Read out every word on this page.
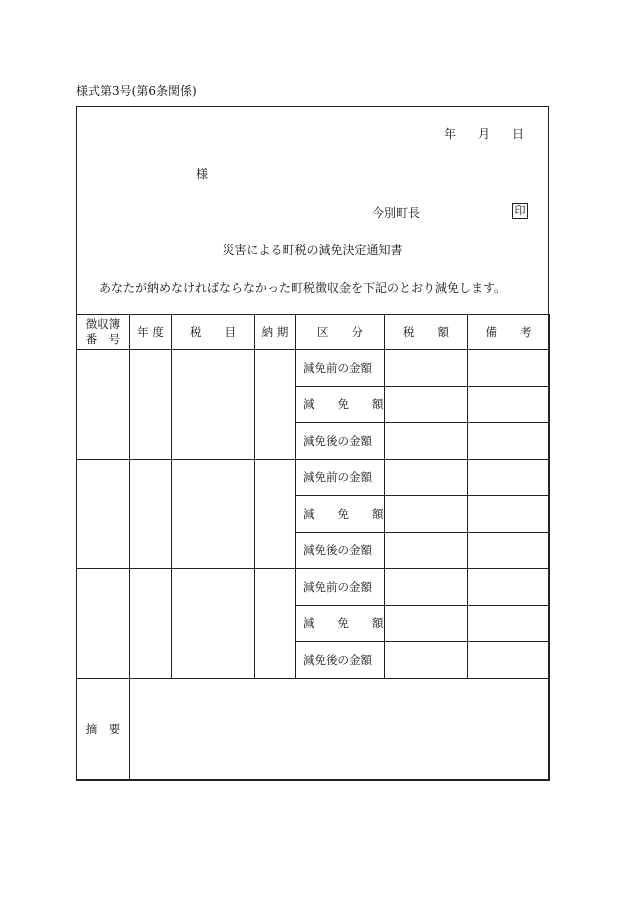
様式第3号(第6条関係)
年 月 日
様
今別町長	印
災害による町税の減免決定通知書
あなたが納めなければならなかった町税徴収金を下記のとおり減免します。
徴収簿
番　号	年 度	税　　目	納 期	区　　分	税　　額	備　　考
				減免前の金額		
				減　　免　　額		
				減免後の金額		
				減免前の金額		
				減　　免　　額		
				減免後の金額		
				減免前の金額		
				減　　免　　額		
				減免後の金額		
摘　要						
